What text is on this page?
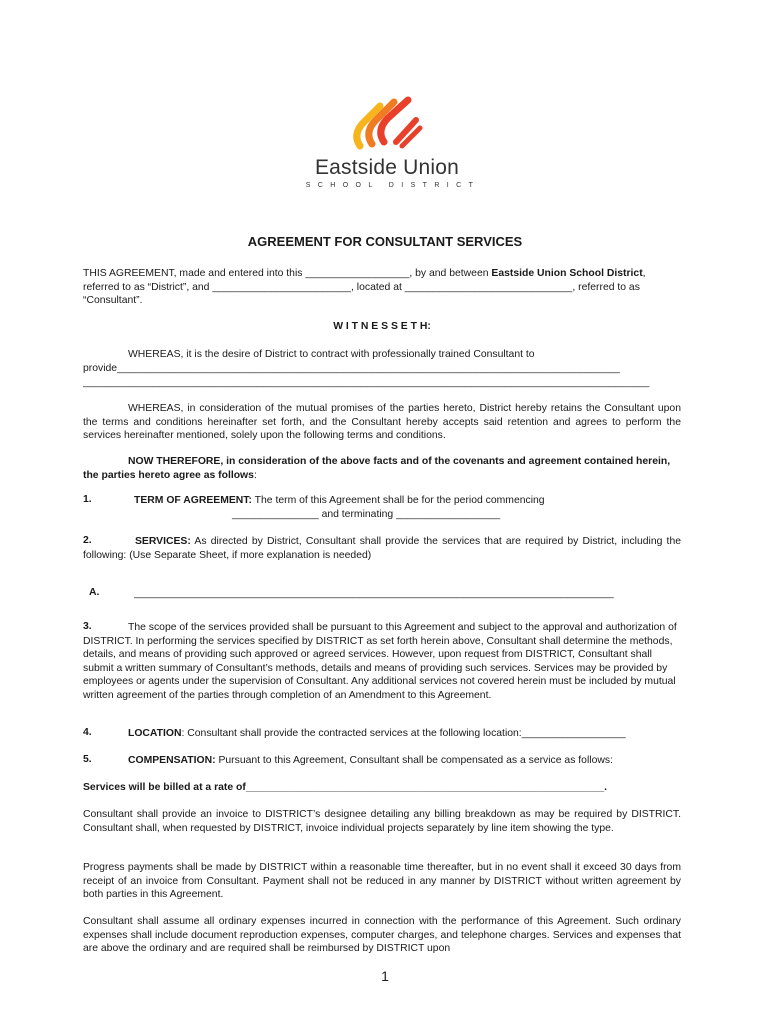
Eastside Union
SCHOOL DISTRICT
AGREEMENT FOR CONSULTANT SERVICES
THIS AGREEMENT, made and entered into this __________________, by and between Eastside Union School District, referred to as “District”, and ________________________, located at _____________________________, referred to as “Consultant”.
W I T N E S S E T H:
WHEREAS, it is the desire of District to contract with professionally trained Consultant to
provide_______________________________________________________________________________________
__________________________________________________________________________________________________
WHEREAS, in consideration of the mutual promises of the parties hereto, District hereby retains the Consultant upon the terms and conditions hereinafter set forth, and the Consultant hereby accepts said retention and agrees to perform the services hereinafter mentioned, solely upon the following terms and conditions.
NOW THEREFORE, in consideration of the above facts and of the covenants and agreement contained herein, the parties hereto agree as follows:
1.	TERM OF AGREEMENT: The term of this Agreement shall be for the period commencing
_______________ and terminating __________________
2.	SERVICES: As directed by District, Consultant shall provide the services that are required by District, including the following: (Use Separate Sheet, if more explanation is needed)
A.	___________________________________________________________________________________
3.	The scope of the services provided shall be pursuant to this Agreement and subject to the approval and authorization of DISTRICT. In performing the services specified by DISTRICT as set forth herein above, Consultant shall determine the methods, details, and means of providing such approved or agreed services. However, upon request from DISTRICT, Consultant shall submit a written summary of Consultant’s methods, details and means of providing such services. Services may be provided by employees or agents under the supervision of Consultant. Any additional services not covered herein must be included by mutual written agreement of the parties through completion of an Amendment to this Agreement.
4.	LOCATION: Consultant shall provide the contracted services at the following location:__________________
5.	COMPENSATION: Pursuant to this Agreement, Consultant shall be compensated as a service as follows:
Services will be billed at a rate of______________________________________________________________.
Consultant shall provide an invoice to DISTRICT’s designee detailing any billing breakdown as may be required by DISTRICT. Consultant shall, when requested by DISTRICT, invoice individual projects separately by line item showing the type.
Progress payments shall be made by DISTRICT within a reasonable time thereafter, but in no event shall it exceed 30 days from receipt of an invoice from Consultant. Payment shall not be reduced in any manner by DISTRICT without written agreement by both parties in this Agreement.
Consultant shall assume all ordinary expenses incurred in connection with the performance of this Agreement. Such ordinary expenses shall include document reproduction expenses, computer charges, and telephone charges. Services and expenses that are above the ordinary and are required shall be reimbursed by DISTRICT upon
1
